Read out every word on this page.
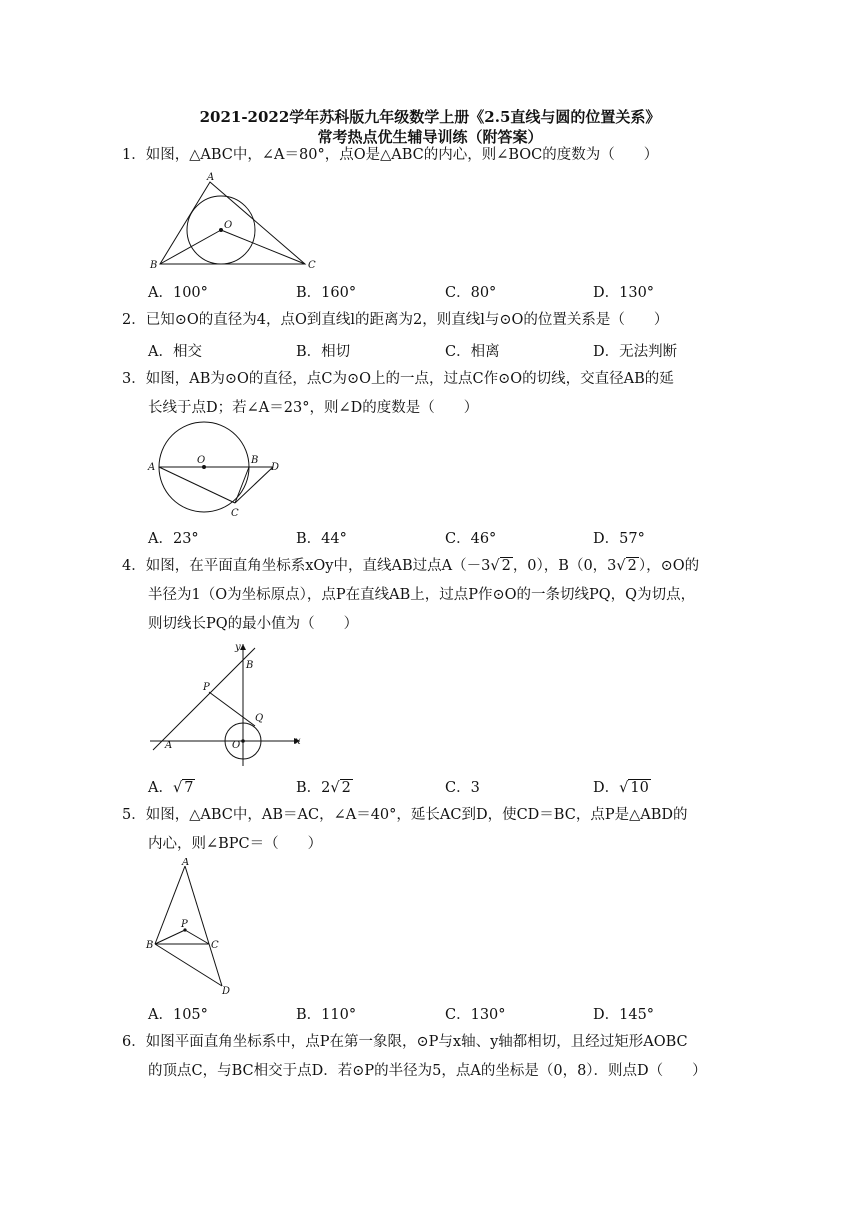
2021-2022学年苏科版九年级数学上册《2.5直线与圆的位置关系》
常考热点优生辅导训练（附答案）
1．如图，△ABC中，∠A＝80°，点O是△ABC的内心，则∠BOC的度数为（　　）
A
O
B	C
A．100°	B．160°	C．80°	D．130°
2．已知⊙O的直径为4，点O到直线l的距离为2，则直线l与⊙O的位置关系是（　　）
A．相交	B．相切	C．相离	D．无法判断
3．如图，AB为⊙O的直径，点C为⊙O上的一点，过点C作⊙O的切线，交直径AB的延
长线于点D；若∠A＝23°，则∠D的度数是（　　）
A
O	B
D
C
A．23°	B．44°	C．46°	D．57°
4．如图，在平面直角坐标系xOy中，直线AB过点A（－3√ 2 ，0），B（0，3√ 2 ），⊙O的
半径为1（O为坐标原点），点P在直线AB上，过点P作⊙O的一条切线PQ，Q为切点，
则切线长PQ的最小值为（　　）
y
B
P
Q
A	O	x
A．√ 7	B．2√ 2	C．3	D．√ 10
5．如图，△ABC中，AB＝AC，∠A＝40°，延长AC到D，使CD＝BC，点P是△ABD的
内心，则∠BPC＝（　　）
A
P
B	C
D
A．105°	B．110°	C．130°	D．145°
6．如图平面直角坐标系中，点P在第一象限，⊙P与x轴、y轴都相切，且经过矩形AOBC
的顶点C，与BC相交于点D．若⊙P的半径为5，点A的坐标是（0，8）．则点D（　　）
